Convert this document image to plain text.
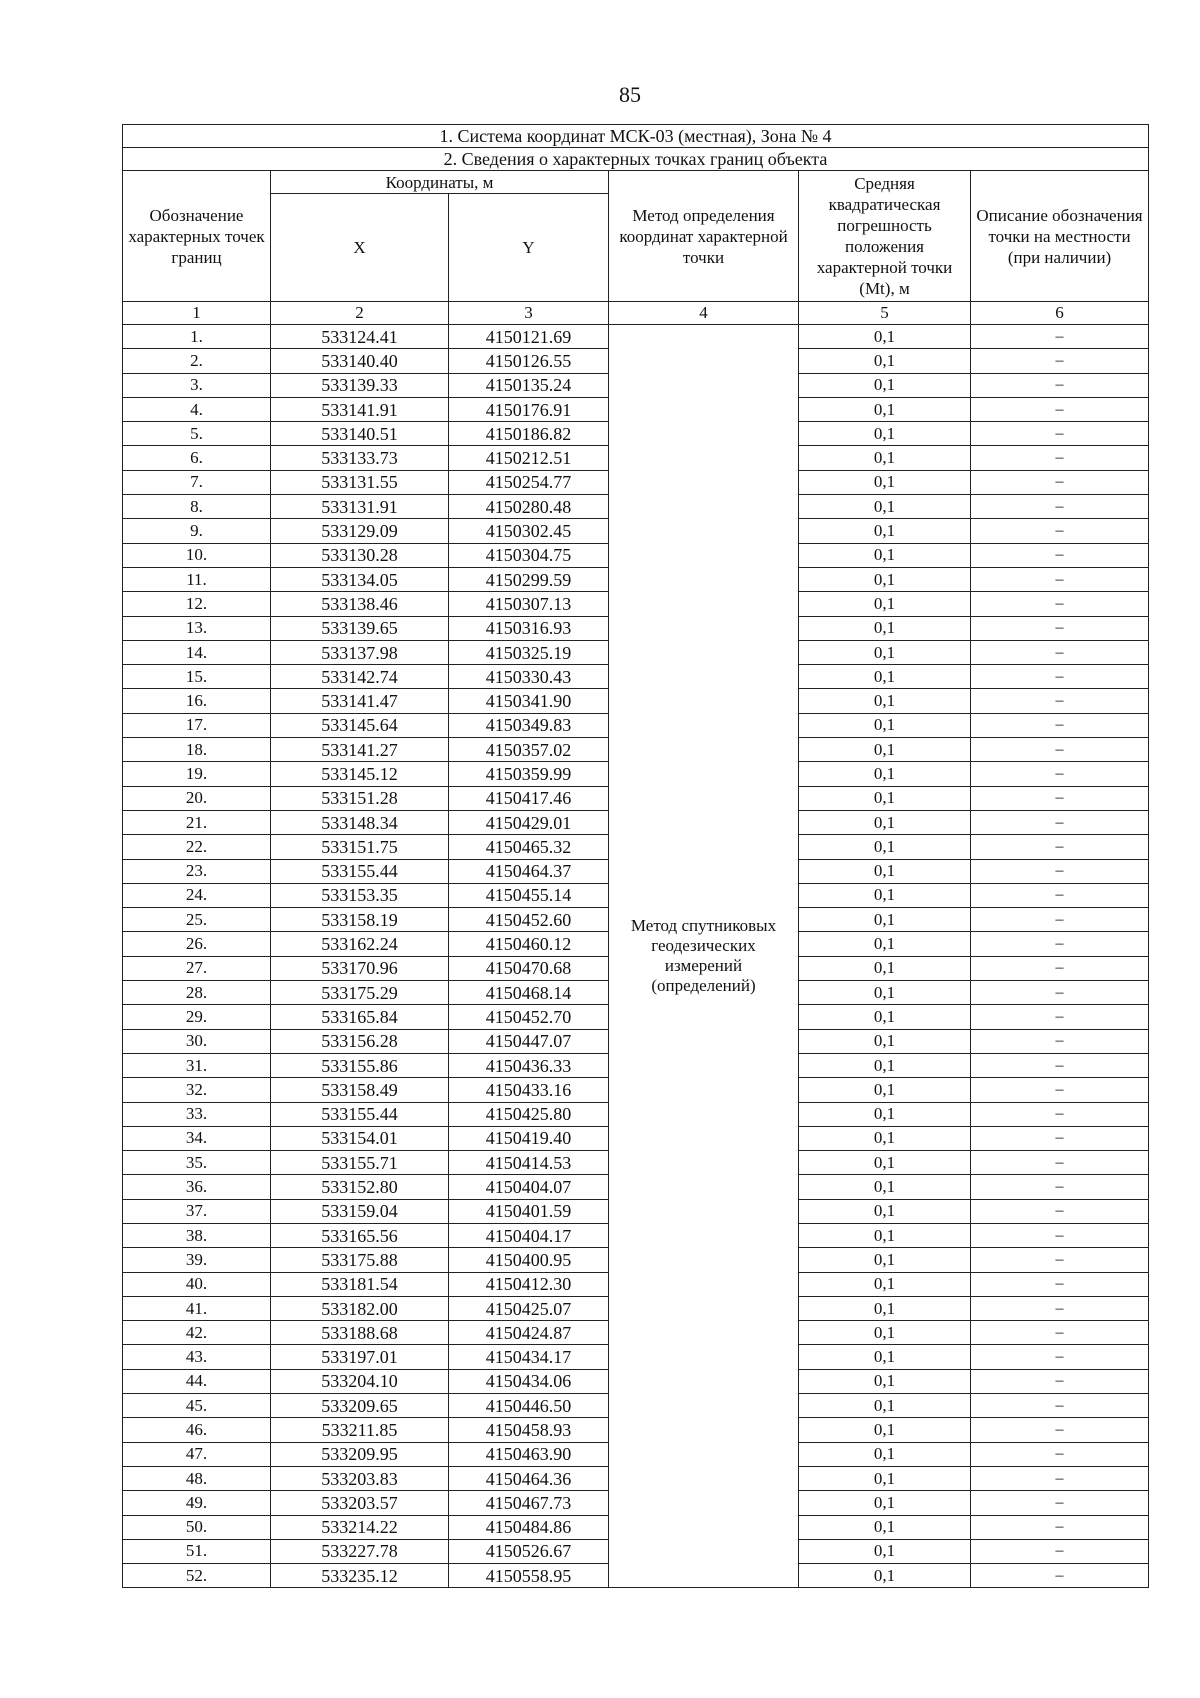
85
1. Система координат МСК-03 (местная), Зона № 4					
2. Сведения о характерных точках границ объекта					
Обозначение характерных точек границ	Координаты, м		Метод определения координат характерной точки	Средняя квадратическая погрешность положения характерной точки (Mt), м	Описание обозначения точки на местности (при наличии)
	X	Y			
1	2	3	4	5	6
1.	533124.41	4150121.69	Метод спутниковых геодезических измерений (определений)	0,1	–
2.	533140.40	4150126.55		0,1	–
3.	533139.33	4150135.24		0,1	–
4.	533141.91	4150176.91		0,1	–
5.	533140.51	4150186.82		0,1	–
6.	533133.73	4150212.51		0,1	–
7.	533131.55	4150254.77		0,1	–
8.	533131.91	4150280.48		0,1	–
9.	533129.09	4150302.45		0,1	–
10.	533130.28	4150304.75		0,1	–
11.	533134.05	4150299.59		0,1	–
12.	533138.46	4150307.13		0,1	–
13.	533139.65	4150316.93		0,1	–
14.	533137.98	4150325.19		0,1	–
15.	533142.74	4150330.43		0,1	–
16.	533141.47	4150341.90		0,1	–
17.	533145.64	4150349.83		0,1	–
18.	533141.27	4150357.02		0,1	–
19.	533145.12	4150359.99		0,1	–
20.	533151.28	4150417.46		0,1	–
21.	533148.34	4150429.01		0,1	–
22.	533151.75	4150465.32		0,1	–
23.	533155.44	4150464.37		0,1	–
24.	533153.35	4150455.14		0,1	–
25.	533158.19	4150452.60		0,1	–
26.	533162.24	4150460.12		0,1	–
27.	533170.96	4150470.68		0,1	–
28.	533175.29	4150468.14		0,1	–
29.	533165.84	4150452.70		0,1	–
30.	533156.28	4150447.07		0,1	–
31.	533155.86	4150436.33		0,1	–
32.	533158.49	4150433.16		0,1	–
33.	533155.44	4150425.80		0,1	–
34.	533154.01	4150419.40		0,1	–
35.	533155.71	4150414.53		0,1	–
36.	533152.80	4150404.07		0,1	–
37.	533159.04	4150401.59		0,1	–
38.	533165.56	4150404.17		0,1	–
39.	533175.88	4150400.95		0,1	–
40.	533181.54	4150412.30		0,1	–
41.	533182.00	4150425.07		0,1	–
42.	533188.68	4150424.87		0,1	–
43.	533197.01	4150434.17		0,1	–
44.	533204.10	4150434.06		0,1	–
45.	533209.65	4150446.50		0,1	–
46.	533211.85	4150458.93		0,1	–
47.	533209.95	4150463.90		0,1	–
48.	533203.83	4150464.36		0,1	–
49.	533203.57	4150467.73		0,1	–
50.	533214.22	4150484.86		0,1	–
51.	533227.78	4150526.67		0,1	–
52.	533235.12	4150558.95		0,1	–
